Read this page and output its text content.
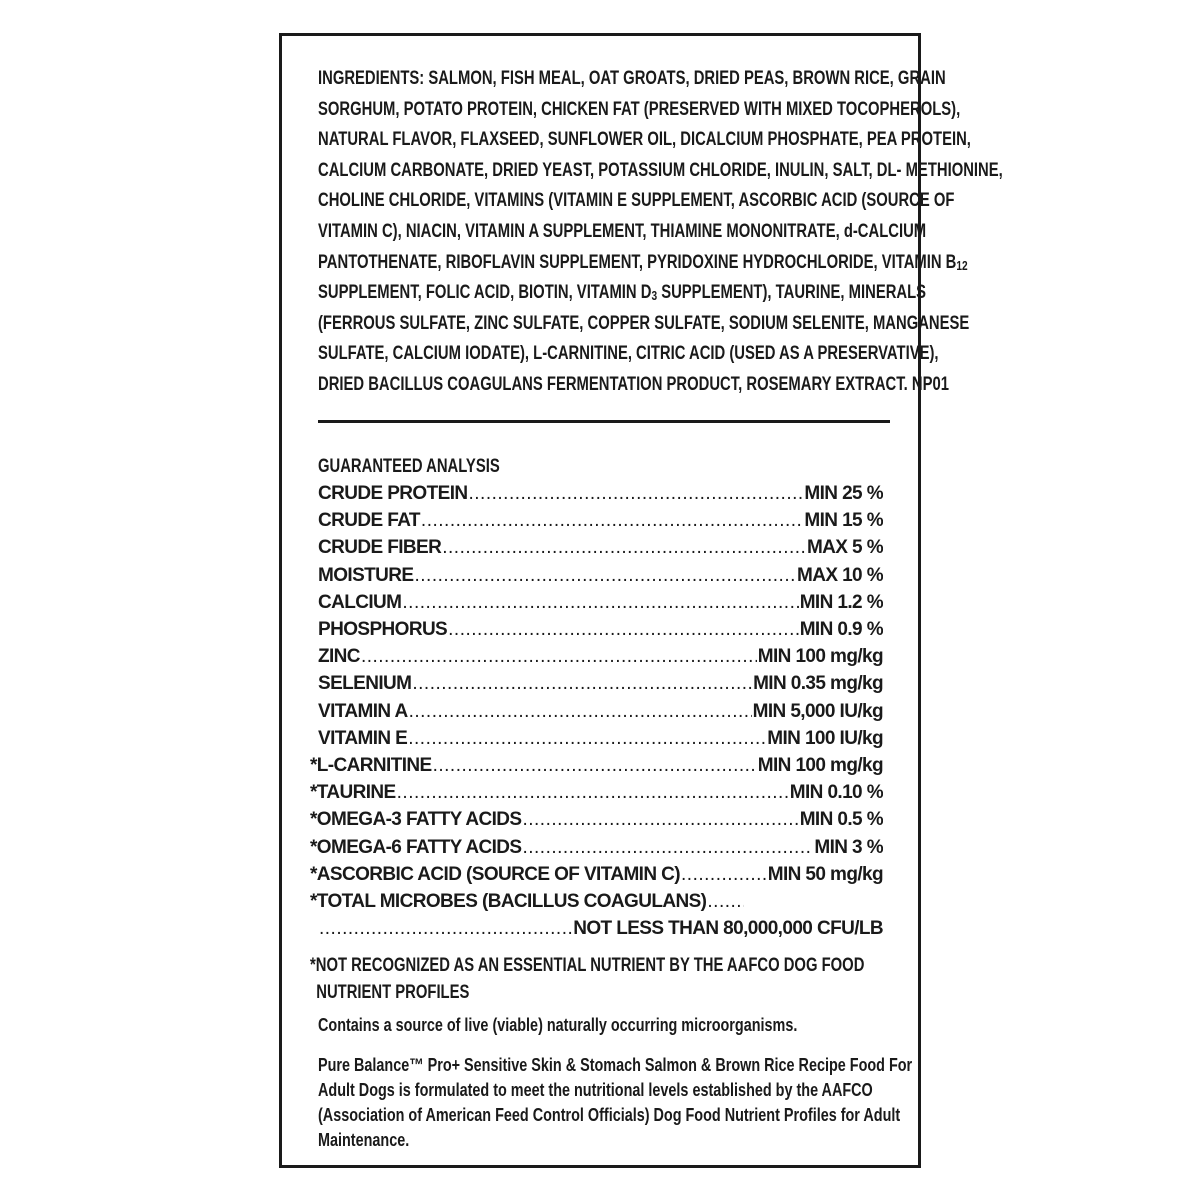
INGREDIENTS: SALMON, FISH MEAL, OAT GROATS, DRIED PEAS, BROWN RICE, GRAIN
SORGHUM, POTATO PROTEIN, CHICKEN FAT (PRESERVED WITH MIXED TOCOPHEROLS),
NATURAL FLAVOR, FLAXSEED, SUNFLOWER OIL, DICALCIUM PHOSPHATE, PEA PROTEIN,
CALCIUM CARBONATE, DRIED YEAST, POTASSIUM CHLORIDE, INULIN, SALT, DL- METHIONINE,
CHOLINE CHLORIDE, VITAMINS (VITAMIN E SUPPLEMENT, ASCORBIC ACID (SOURCE OF
VITAMIN C), NIACIN, VITAMIN A SUPPLEMENT, THIAMINE MONONITRATE, d-CALCIUM
PANTOTHENATE, RIBOFLAVIN SUPPLEMENT, PYRIDOXINE HYDROCHLORIDE, VITAMIN $B_{12}$
SUPPLEMENT, FOLIC ACID, BIOTIN, VITAMIN $D_3$ SUPPLEMENT), TAURINE, MINERALS
(FERROUS SULFATE, ZINC SULFATE, COPPER SULFATE, SODIUM SELENITE, MANGANESE
SULFATE, CALCIUM IODATE), L-CARNITINE, CITRIC ACID (USED AS A PRESERVATIVE),
DRIED BACILLUS COAGULANS FERMENTATION PRODUCT, ROSEMARY EXTRACT. NP01
GUARANTEED ANALYSIS
CRUDE PROTEIN .....	MIN 25 %
CRUDE FAT .....	MIN 15 %
CRUDE FIBER .....	MAX 5 %
MOISTURE .....	MAX 10 %
CALCIUM .....	MIN 1.2 %
PHOSPHORUS .....	MIN 0.9 %
ZINC .....	MIN 100 mg/kg
SELENIUM .....	MIN 0.35 mg/kg
VITAMIN A .....	MIN 5,000 IU/kg
VITAMIN E .....	MIN 100 IU/kg
*L-CARNITINE .....	MIN 100 mg/kg
*TAURINE .....	MIN 0.10 %
*OMEGA-3 FATTY ACIDS .....	MIN 0.5 %
*OMEGA-6 FATTY ACIDS .....	MIN 3 %
*ASCORBIC ACID (SOURCE OF VITAMIN C) .....	MIN 50 mg/kg
*TOTAL MICROBES (BACILLUS COAGULANS)
.....
.....
NOT LESS THAN 80,000,000 CFU/LB
*NOT RECOGNIZED AS AN ESSENTIAL NUTRIENT BY THE AAFCO DOG FOOD
NUTRIENT PROFILES
Contains a source of live (viable) naturally occurring microorganisms.
Pure Balance™ Pro+ Sensitive Skin & Stomach Salmon & Brown Rice Recipe Food For
Adult Dogs is formulated to meet the nutritional levels established by the AAFCO
(Association of American Feed Control Officials) Dog Food Nutrient Profiles for Adult
Maintenance.
